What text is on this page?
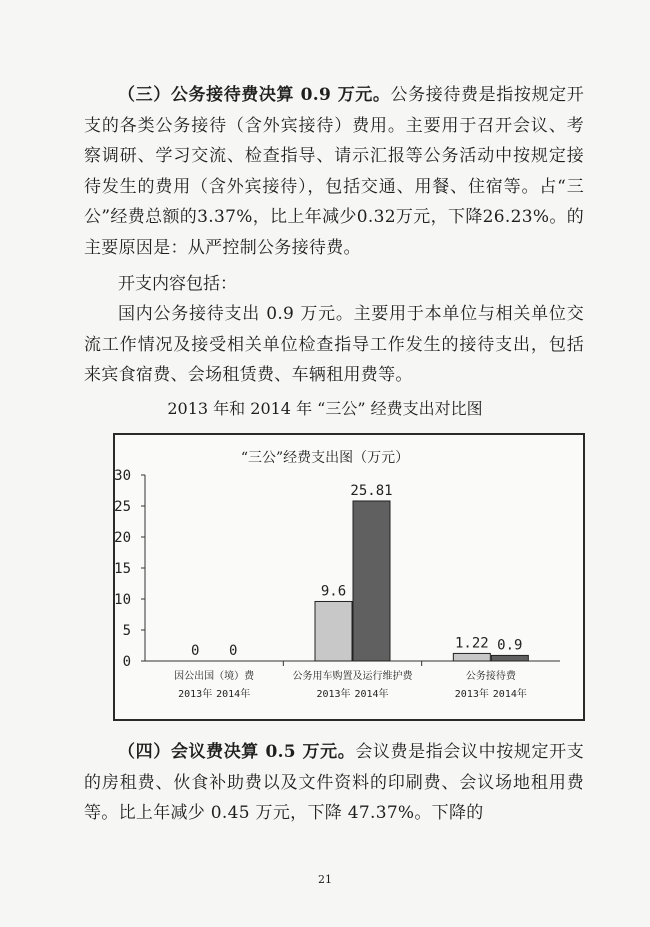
（三）公务接待费决算 0.9 万元。公务接待费是指按规定开支的各类公务接待（含外宾接待）费用。主要用于召开会议、考察调研、学习交流、检查指导、请示汇报等公务活动中按规定接待发生的费用（含外宾接待），包括交通、用餐、住宿等。占“三公”经费总额的3.37%，比上年减少0.32万元，下降26.23%。的主要原因是：从严控制公务接待费。
开支内容包括：
国内公务接待支出 0.9 万元。主要用于本单位与相关单位交流工作情况及接受相关单位检查指导工作发生的接待支出，包括来宾食宿费、会场租赁费、车辆租用费等。
2013 年和 2014 年 “三公” 经费支出对比图
“三公”经费支出图（万元）
0
5
10
15
20
25
30
0
2013年
0
2014年
因公出国（境）费
9.6
2013年
25.81
2014年
公务用车购置及运行维护费
1.22
2013年
0.9
2014年
公务接待费
（四）会议费决算 0.5 万元。会议费是指会议中按规定开支的房租费、伙食补助费以及文件资料的印刷费、会议场地租用费等。比上年减少 0.45 万元，下降 47.37%。下降的
21
